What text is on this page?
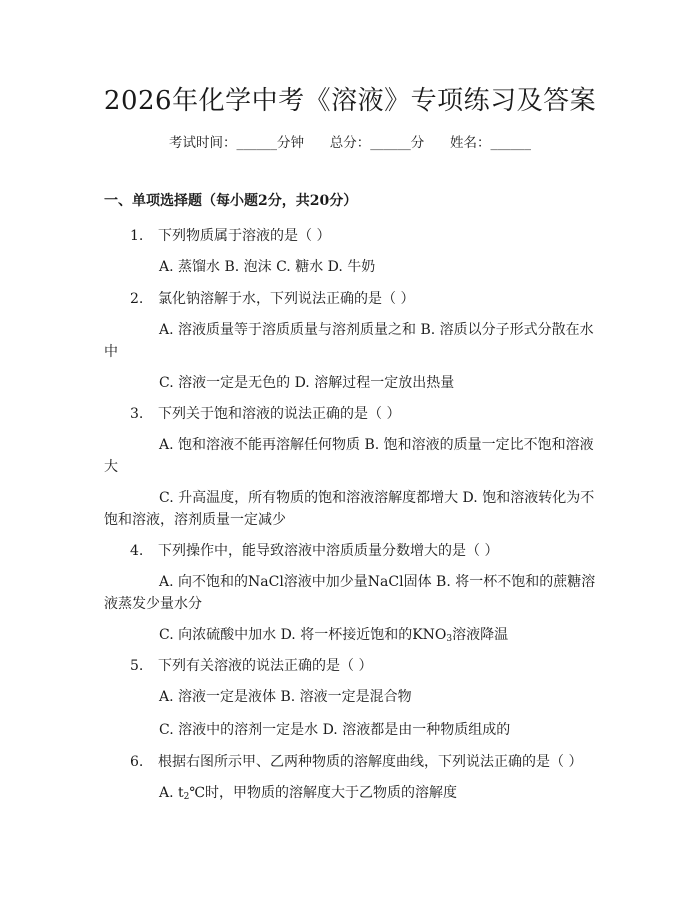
2026年化学中考《溶液》专项练习及答案
考试时间：______分钟      总分：______分      姓名：______
一、单项选择题（每小题2分，共20分）
1. 下列物质属于溶液的是（ ）
A. 蒸馏水 B. 泡沫 C. 糖水 D. 牛奶
2. 氯化钠溶解于水，下列说法正确的是（ ）
A. 溶液质量等于溶质质量与溶剂质量之和 B. 溶质以分子形式分散在水
中
C. 溶液一定是无色的 D. 溶解过程一定放出热量
3. 下列关于饱和溶液的说法正确的是（ ）
A. 饱和溶液不能再溶解任何物质 B. 饱和溶液的质量一定比不饱和溶液
大
C. 升高温度，所有物质的饱和溶液溶解度都增大 D. 饱和溶液转化为不
饱和溶液，溶剂质量一定减少
4. 下列操作中，能导致溶液中溶质质量分数增大的是（ ）
A. 向不饱和的NaCl溶液中加少量NaCl固体 B. 将一杯不饱和的蔗糖溶
液蒸发少量水分
C. 向浓硫酸中加水 D. 将一杯接近饱和的$KNO_3$溶液降温
5. 下列有关溶液的说法正确的是（ ）
A. 溶液一定是液体 B. 溶液一定是混合物
C. 溶液中的溶剂一定是水 D. 溶液都是由一种物质组成的
6. 根据右图所示甲、乙两种物质的溶解度曲线，下列说法正确的是（ ）
A. $t_2℃$时，甲物质的溶解度大于乙物质的溶解度
